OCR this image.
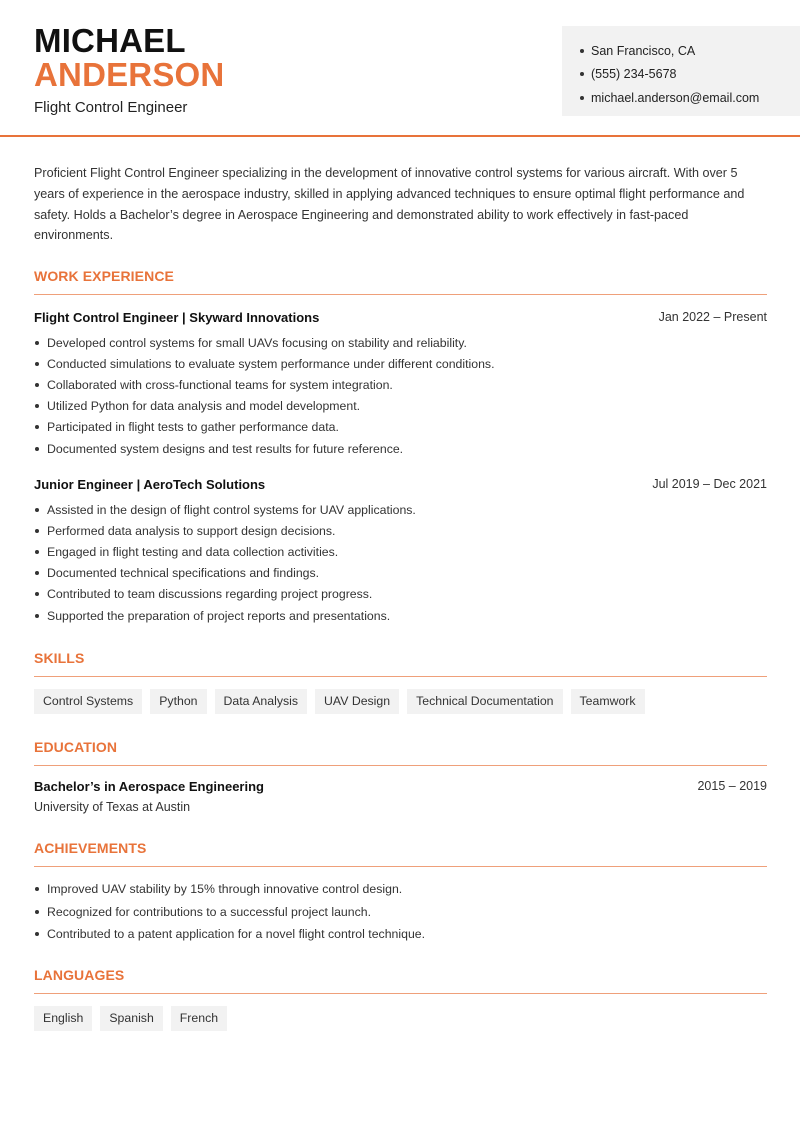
MICHAEL
ANDERSON
Flight Control Engineer
San Francisco, CA
(555) 234-5678
michael.anderson@email.com

Proficient Flight Control Engineer specializing in the development of innovative control systems for various aircraft. With over 5 years of experience in the aerospace industry, skilled in applying advanced techniques to ensure optimal flight performance and safety. Holds a Bachelor’s degree in Aerospace Engineering and demonstrated ability to work effectively in fast-paced environments.

WORK EXPERIENCE
Flight Control Engineer | Skyward Innovations	Jan 2022 – Present
Developed control systems for small UAVs focusing on stability and reliability.
Conducted simulations to evaluate system performance under different conditions.
Collaborated with cross-functional teams for system integration.
Utilized Python for data analysis and model development.
Participated in flight tests to gather performance data.
Documented system designs and test results for future reference.
Junior Engineer | AeroTech Solutions	Jul 2019 – Dec 2021
Assisted in the design of flight control systems for UAV applications.
Performed data analysis to support design decisions.
Engaged in flight testing and data collection activities.
Documented technical specifications and findings.
Contributed to team discussions regarding project progress.
Supported the preparation of project reports and presentations.
SKILLS
Control Systems	Python	Data Analysis	UAV Design	Technical Documentation	Teamwork
EDUCATION
Bachelor’s in Aerospace Engineering	2015 – 2019
University of Texas at Austin
ACHIEVEMENTS
Improved UAV stability by 15% through innovative control design.
Recognized for contributions to a successful project launch.
Contributed to a patent application for a novel flight control technique.
LANGUAGES
English	Spanish	French
